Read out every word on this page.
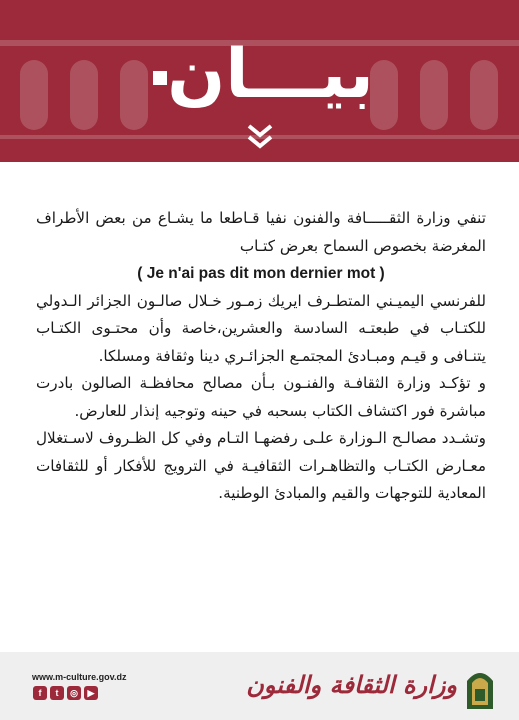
بيـــان

تنفي وزارة الثقـــــافة والفنون نفيا قـاطعا ما يشـاع من بعض الأطراف المغرضة بخصوص السماح بعرض كتـاب

( Je n'ai pas dit mon dernier mot )

للفرنسي اليميـني المتطـرف ايريك زمـور خـلال صالـون الجزائر الـدولي للكتـاب في طبعتـه السادسة والعشرين،خاصة وأن محتـوى الكتـاب يتنـافى و قيـم ومبـادئ المجتمـع الجزائـري دينا وثقافة ومسلكا.

و تؤكـد وزارة الثقافـة والفنـون بـأن مصالح محافظـة الصالون بادرت مباشرة فور اكتشاف الكتاب بسحبه في حينه وتوجيه إنذار للعارض.

وتشـدد مصالـح الـوزارة علـى رفضهـا التـام وفي كل الظـروف لاسـتغلال معـارض الكتـاب والتظاهـرات الثقافيـة في الترويج للأفكار أو للثقافات المعادية للتوجهات والقيم والمبادئ الوطنية.

www.m-culture.gov.dz
f	t	◎	▶	وزارة الثقافة والفنون
